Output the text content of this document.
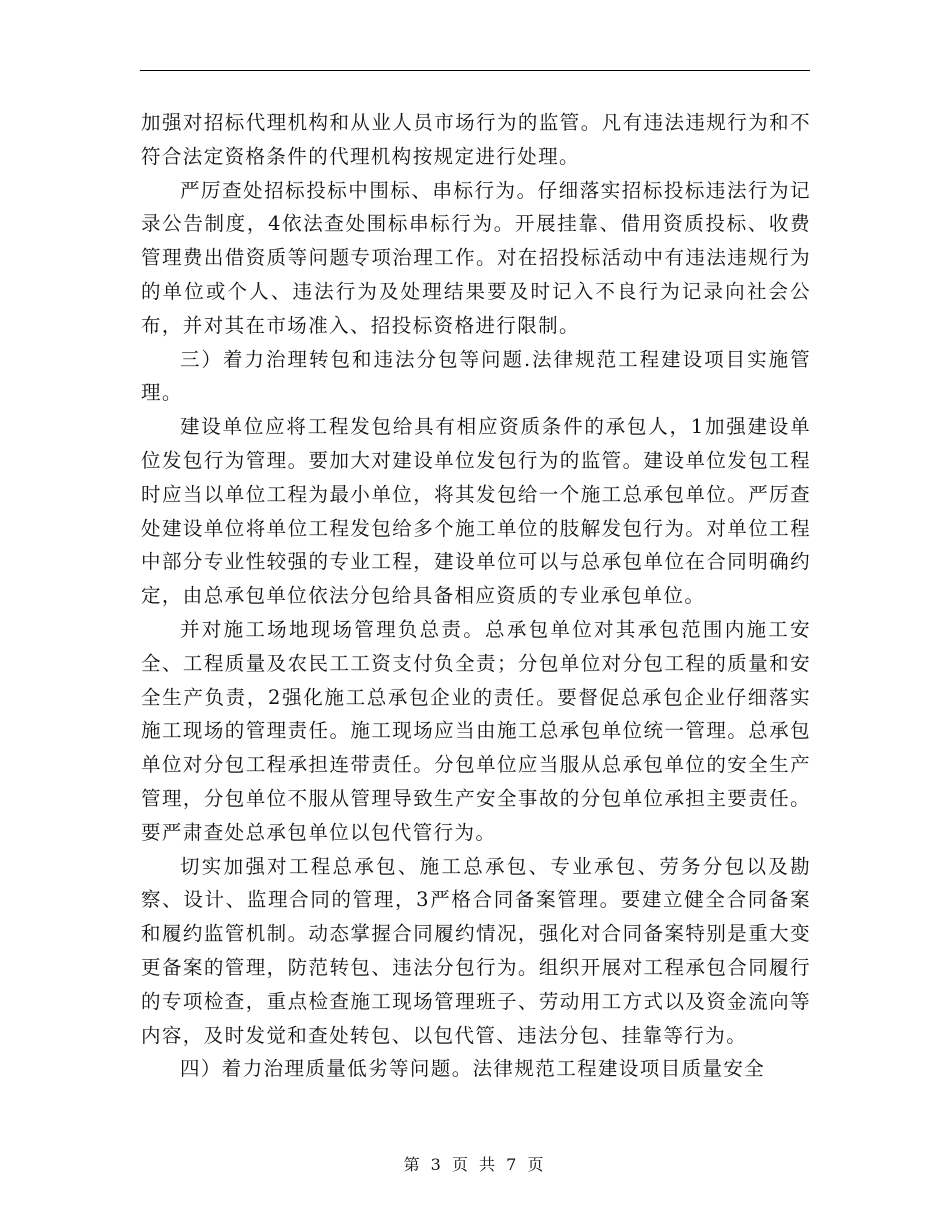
加强对招标代理机构和从业人员市场行为的监管。凡有违法违规行为和不符合法定资格条件的代理机构按规定进行处理。

严厉查处招标投标中围标、串标行为。仔细落实招标投标违法行为记录公告制度，4依法查处围标串标行为。开展挂靠、借用资质投标、收费管理费出借资质等问题专项治理工作。对在招投标活动中有违法违规行为的单位或个人、违法行为及处理结果要及时记入不良行为记录向社会公布，并对其在市场准入、招投标资格进行限制。

三）着力治理转包和违法分包等问题.法律规范工程建设项目实施管理。

建设单位应将工程发包给具有相应资质条件的承包人，1加强建设单位发包行为管理。要加大对建设单位发包行为的监管。建设单位发包工程时应当以单位工程为最小单位，将其发包给一个施工总承包单位。严厉查处建设单位将单位工程发包给多个施工单位的肢解发包行为。对单位工程中部分专业性较强的专业工程，建设单位可以与总承包单位在合同明确约定，由总承包单位依法分包给具备相应资质的专业承包单位。

并对施工场地现场管理负总责。总承包单位对其承包范围内施工安全、工程质量及农民工工资支付负全责；分包单位对分包工程的质量和安全生产负责，2强化施工总承包企业的责任。要督促总承包企业仔细落实施工现场的管理责任。施工现场应当由施工总承包单位统一管理。总承包单位对分包工程承担连带责任。分包单位应当服从总承包单位的安全生产管理，分包单位不服从管理导致生产安全事故的分包单位承担主要责任。要严肃查处总承包单位以包代管行为。

切实加强对工程总承包、施工总承包、专业承包、劳务分包以及勘察、设计、监理合同的管理，3严格合同备案管理。要建立健全合同备案和履约监管机制。动态掌握合同履约情况，强化对合同备案特别是重大变更备案的管理，防范转包、违法分包行为。组织开展对工程承包合同履行的专项检查，重点检查施工现场管理班子、劳动用工方式以及资金流向等内容，及时发觉和查处转包、以包代管、违法分包、挂靠等行为。

四）着力治理质量低劣等问题。法律规范工程建设项目质量安全

第 3 页 共 7 页
